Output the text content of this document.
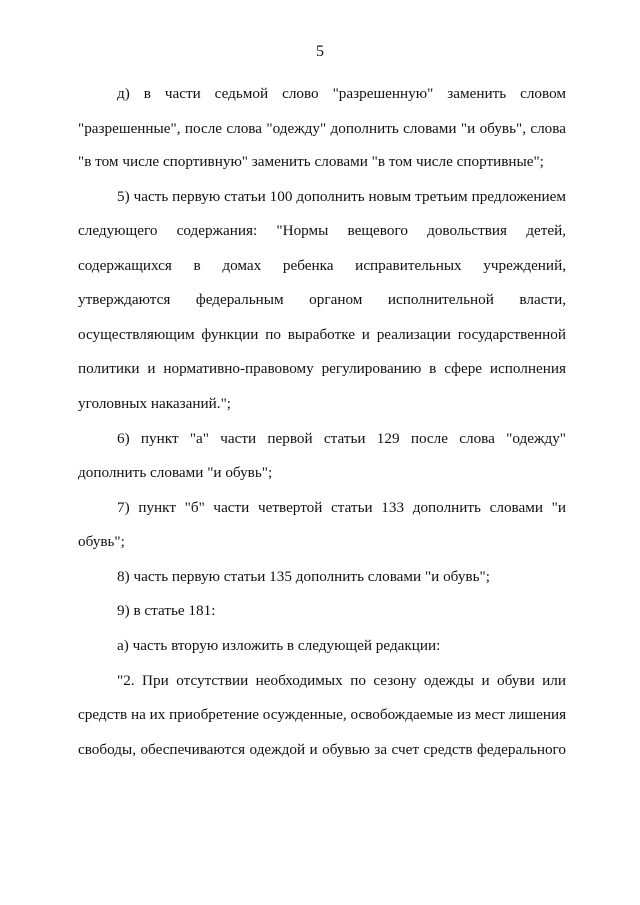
5
д) в части седьмой слово "разрешенную" заменить словом
"разрешенные", после слова "одежду" дополнить словами "и обувь", слова
"в том числе спортивную" заменить словами "в том числе спортивные";
5) часть первую статьи 100 дополнить новым третьим предложением
следующего содержания: "Нормы вещевого довольствия детей,
содержащихся в домах ребенка исправительных учреждений,
утверждаются федеральным органом исполнительной власти,
осуществляющим функции по выработке и реализации государственной
политики и нормативно-правовому регулированию в сфере исполнения
уголовных наказаний.";
6) пункт "а" части первой статьи 129 после слова "одежду"
дополнить словами "и обувь";
7) пункт "б" части четвертой статьи 133 дополнить словами "и
обувь";
8) часть первую статьи 135 дополнить словами "и обувь";
9) в статье 181:
а) часть вторую изложить в следующей редакции:
"2. При отсутствии необходимых по сезону одежды и обуви или
средств на их приобретение осужденные, освобождаемые из мест лишения
свободы, обеспечиваются одеждой и обувью за счет средств федерального
